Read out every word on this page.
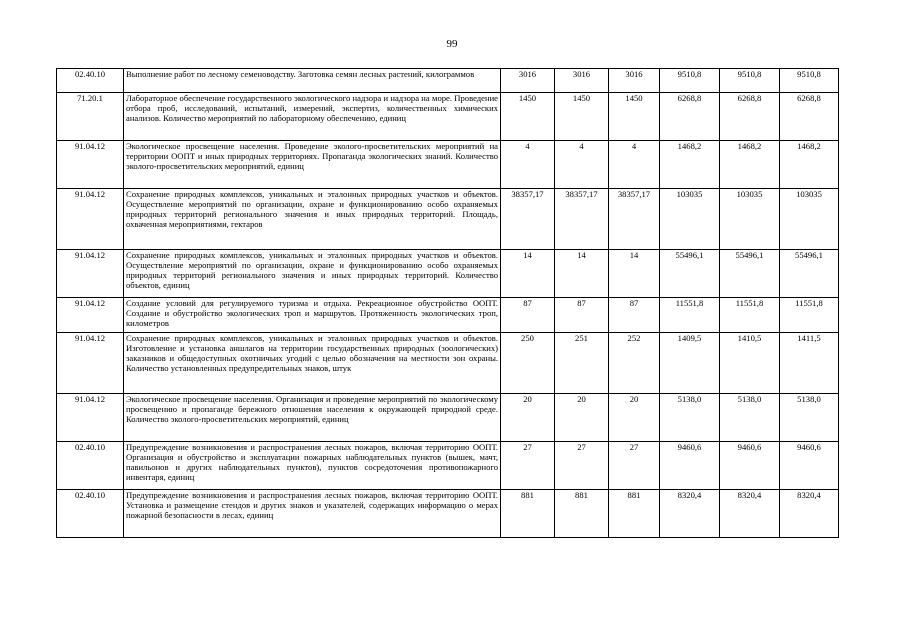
99
02.40.10	Выполнение работ по лесному семеноводству. Заготовка семян лесных растений, килограммов	3016	3016	3016	9510,8	9510,8	9510,8
71.20.1	Лабораторное обеспечение государственного экологического надзора и надзора на море. Проведение отбора проб, исследований, испытаний, измерений, экспертиз, количественных химических анализов. Количество мероприятий по лабораторному обеспечению, единиц	1450	1450	1450	6268,8	6268,8	6268,8
91.04.12	Экологическое просвещение населения. Проведение эколого-просветительских мероприятий на территории ООПТ и иных природных территориях. Пропаганда экологических знаний. Количество эколого-просветительских мероприятий, единиц	4	4	4	1468,2	1468,2	1468,2
91.04.12	Сохранение природных комплексов, уникальных и эталонных природных участков и объектов. Осуществление мероприятий по организации, охране и функционированию особо охраняемых природных территорий регионального значения и иных природных территорий. Площадь, охваченная мероприятиями, гектаров	38357,17	38357,17	38357,17	103035	103035	103035
91.04.12	Сохранение природных комплексов, уникальных и эталонных природных участков и объектов. Осуществление мероприятий по организации, охране и функционированию особо охраняемых природных территорий регионального значения и иных природных территорий. Количество объектов, единиц	14	14	14	55496,1	55496,1	55496,1
91.04.12	Создание условий для регулируемого туризма и отдыха. Рекреационное обустройство ООПТ. Создание и обустройство экологических троп и маршрутов. Протяженность экологических троп, километров	87	87	87	11551,8	11551,8	11551,8
91.04.12	Сохранение природных комплексов, уникальных и эталонных природных участков и объектов. Изготовление и установка аншлагов на территории государственных природных (зоологических) заказников и общедоступных охотничьих угодий с целью обозначения на местности зон охраны. Количество установленных предупредительных знаков, штук	250	251	252	1409,5	1410,5	1411,5
91.04.12	Экологическое просвещение населения. Организация и проведение мероприятий по экологическому просвещению и пропаганде бережного отношения населения к окружающей природной среде. Количество эколого-просветительских мероприятий, единиц	20	20	20	5138,0	5138,0	5138,0
02.40.10	Предупреждение возникновения и распространения лесных пожаров, включая территорию ООПТ. Организация и обустройство и эксплуатации пожарных наблюдательных пунктов (вышек, мачт, павильонов и других наблюдательных пунктов), пунктов сосредоточения противопожарного инвентаря, единиц	27	27	27	9460,6	9460,6	9460,6
02.40.10	Предупреждение возникновения и распространения лесных пожаров, включая территорию ООПТ. Установка и размещение стендов и других знаков и указателей, содержащих информацию о мерах пожарной безопасности в лесах, единиц	881	881	881	8320,4	8320,4	8320,4
